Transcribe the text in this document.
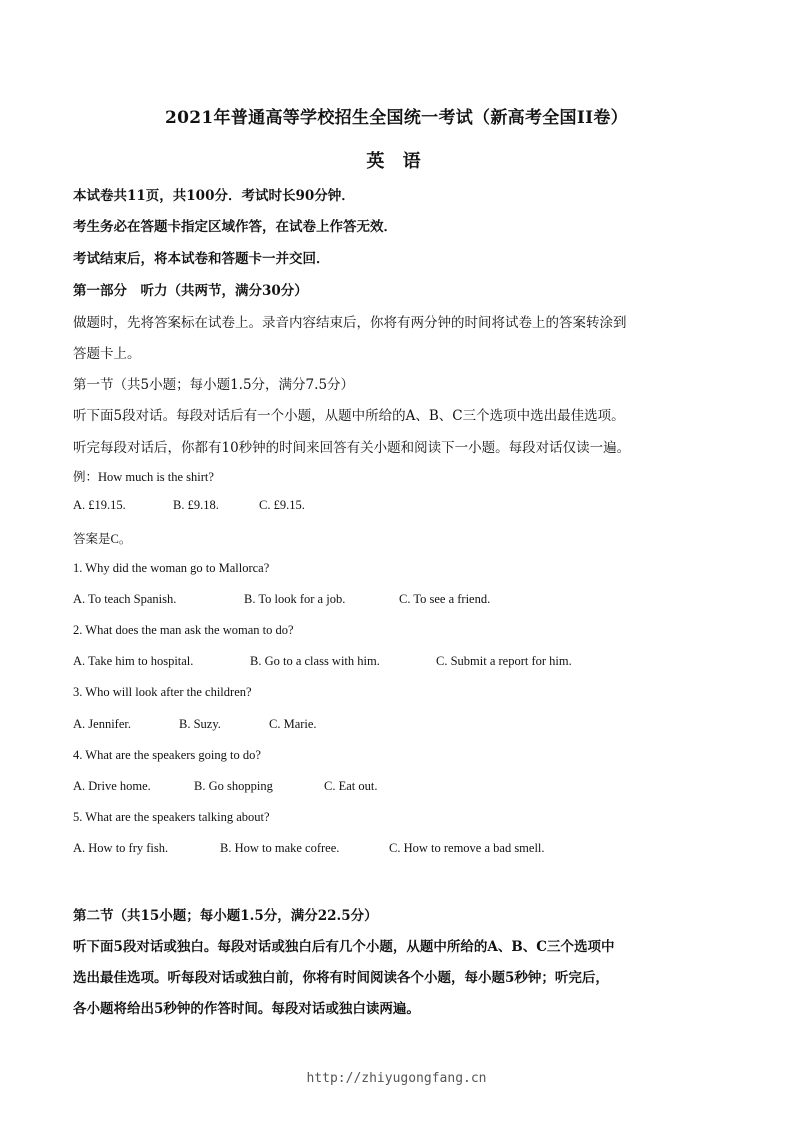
2021年普通高等学校招生全国统一考试（新高考全国II卷）
英 语
本试卷共11页，共100分．考试时长90分钟．
考生务必在答题卡指定区域作答，在试卷上作答无效．
考试结束后，将本试卷和答题卡一并交回．
第一部分　听力（共两节，满分30分）
做题时，先将答案标在试卷上。录音内容结束后，你将有两分钟的时间将试卷上的答案转涂到
答题卡上。
第一节（共5小题；每小题1.5分，满分7.5分）
听下面5段对话。每段对话后有一个小题，从题中所给的A、B、C三个选项中选出最佳选项。
听完每段对话后，你都有10秒钟的时间来回答有关小题和阅读下一小题。每段对话仅读一遍。
例：How much is the shirt?
A. £19.15.	B. £9.18.	C. £9.15.
答案是C。
1. Why did the woman go to Mallorca?
A. To teach Spanish.	B. To look for a job.	C. To see a friend.
2. What does the man ask the woman to do?
A. Take him to hospital.	B. Go to a class with him.	C. Submit a report for him.
3. Who will look after the children?
A. Jennifer.	B. Suzy.	C. Marie.
4. What are the speakers going to do?
A. Drive home.	B. Go shopping	C. Eat out.
5. What are the speakers talking about?
A. How to fry fish.	B. How to make cofree.	C. How to remove a bad smell.
第二节（共15小题；每小题1.5分，满分22.5分）
听下面5段对话或独白。每段对话或独白后有几个小题，从题中所给的A、B、C三个选项中
选出最佳选项。听每段对话或独白前，你将有时间阅读各个小题，每小题5秒钟；听完后，
各小题将给出5秒钟的作答时间。每段对话或独白读两遍。
http://zhiyugongfang.cn
